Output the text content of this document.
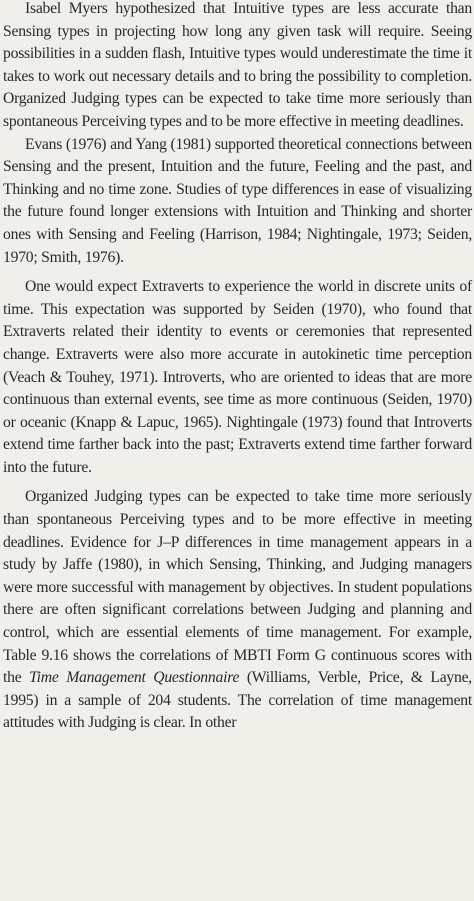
Isabel Myers hypothesized that Intuitive types are less accurate than Sensing types in projecting how long any given task will require. Seeing possibilities in a sudden flash, Intuitive types would underestimate the time it takes to work out necessary details and to bring the possibility to completion. Organized Judging types can be expected to take time more seriously than spontaneous Perceiving types and to be more effective in meeting deadlines.

Evans (1976) and Yang (1981) supported theoretical connections between Sensing and the present, Intuition and the future, Feeling and the past, and Thinking and no time zone. Studies of type differences in ease of visualizing the future found longer extensions with Intuition and Thinking and shorter ones with Sensing and Feeling (Harrison, 1984; Nightingale, 1973; Seiden, 1970; Smith, 1976).

One would expect Extraverts to experience the world in discrete units of time. This expectation was supported by Seiden (1970), who found that Extraverts related their identity to events or ceremonies that represented change. Extraverts were also more accurate in autokinetic time perception (Veach & Touhey, 1971). Introverts, who are oriented to ideas that are more continuous than external events, see time as more continuous (Seiden, 1970) or oceanic (Knapp & Lapuc, 1965). Nightingale (1973) found that Introverts extend time farther back into the past; Extraverts extend time farther forward into the future.

Organized Judging types can be expected to take time more seriously than spontaneous Perceiving types and to be more effective in meeting deadlines. Evidence for J–P differences in time management appears in a study by Jaffe (1980), in which Sensing, Thinking, and Judging managers were more successful with management by objectives. In student populations there are often significant correlations between Judging and planning and control, which are essential elements of time management. For example, Table 9.16 shows the correlations of MBTI Form G continuous scores with the Time Management Questionnaire (Williams, Verble, Price, & Layne, 1995) in a sample of 204 students. The correlation of time management attitudes with Judging is clear. In other
